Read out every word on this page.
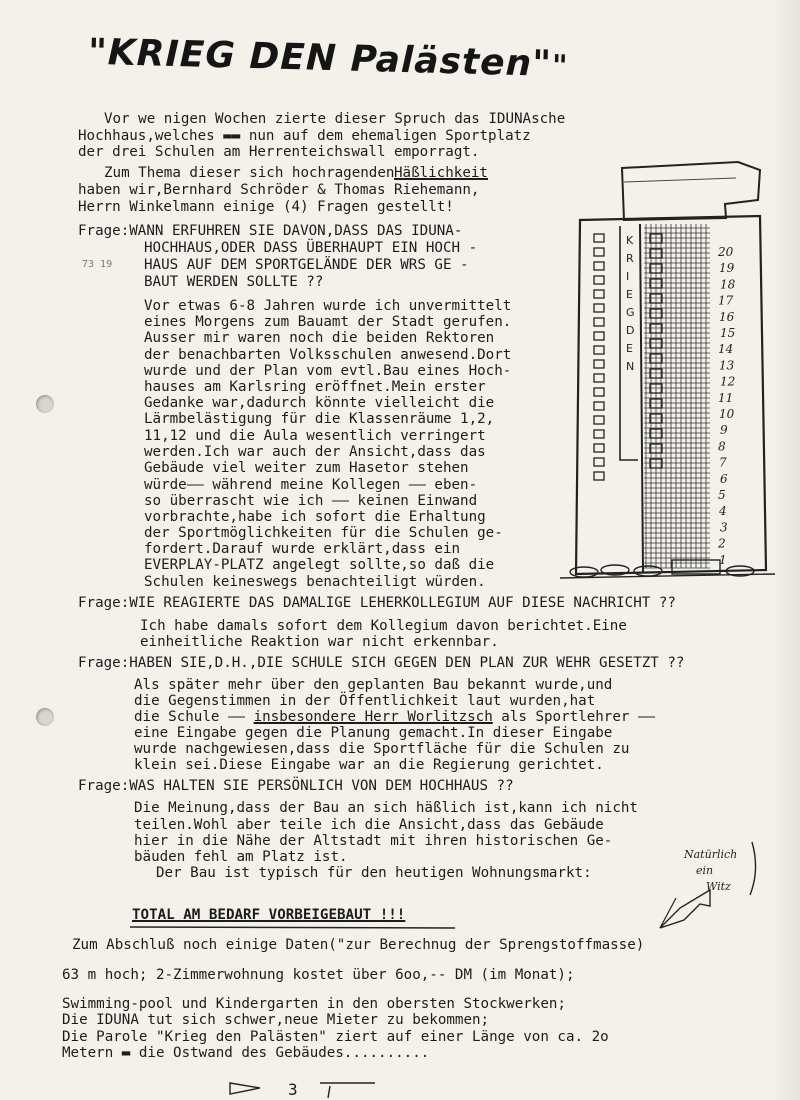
"KRIEG DEN Palästen""
Vor we nigen Wochen zierte dieser Spruch das IDUNAsche
Hochhaus,welches ▬▬ nun auf dem ehemaligen Sportplatz
der drei Schulen am Herrenteichswall emporragt.
Zum Thema dieser sich hochragenden
haben wir,Bernhard Schröder & Thomas Riehemann,
Herrn Winkelmann einige (4) Fragen gestellt!
Häßlichkeit
73 19
Frage:WANN ERFUHREN SIE DAVON,DASS DAS IDUNA-
HOCHHAUS,ODER DASS ÜBERHAUPT EIN HOCH -
HAUS AUF DEM SPORTGELÄNDE DER WRS GE -
BAUT WERDEN SOLLTE ??
Vor etwas 6-8 Jahren wurde ich unvermittelt
eines Morgens zum Bauamt der Stadt gerufen.
Ausser mir waren noch die beiden Rektoren
der benachbarten Volksschulen anwesend.Dort
wurde und der Plan vom evtl.Bau eines Hoch-
hauses am Karlsring eröffnet.Mein erster
Gedanke war,dadurch könnte vielleicht die
Lärmbelästigung für die Klassenräume 1,2,
11,12 und die Aula wesentlich verringert
werden.Ich war auch der Ansicht,dass das
Gebäude viel weiter zum Hasetor stehen
würde—— während meine Kollegen —— eben-
so überrascht wie ich —— keinen Einwand
vorbrachte,habe ich sofort die Erhaltung
der Sportmöglichkeiten für die Schulen ge-
fordert.Darauf wurde erklärt,dass ein
EVERPLAY-PLATZ angelegt sollte,so daß die
Schulen keineswegs benachteiligt würden.
Frage:WIE REAGIERTE DAS DAMALIGE LEHERKOLLEGIUM AUF DIESE NACHRICHT ??
Ich habe damals sofort dem Kollegium davon berichtet.Eine
einheitliche Reaktion war nicht erkennbar.
Frage:HABEN SIE,D.H.,DIE SCHULE SICH GEGEN DEN PLAN ZUR WEHR GESETZT ??
Als später mehr über den geplanten Bau bekannt wurde,und
die Gegenstimmen in der Öffentlichkeit laut wurden,hat
eine Eingabe gegen die Planung gemacht.In dieser Eingabe
wurde nachgewiesen,dass die Sportfläche für die Schulen zu
klein sei.Diese Eingabe war an die Regierung gerichtet.
die Schule —— insbesondere Herr Worlitzsch als Sportlehrer ——
Frage:WAS HALTEN SIE PERSÖNLICH VON DEM HOCHHAUS ??
Die Meinung,dass der Bau an sich häßlich ist,kann ich nicht
teilen.Wohl aber teile ich die Ansicht,dass das Gebäude
hier in die Nähe der Altstadt mit ihren historischen Ge-
bäuden fehl am Platz ist.
Der Bau ist typisch für den heutigen Wohnungsmarkt:
TOTAL AM BEDARF VORBEIGEBAUT !!!
Zum Abschluß noch einige Daten("zur Berechnug der Sprengstoffmasse)
63 m hoch; 2-Zimmerwohnung kostet über 6oo,-- DM (im Monat);
Swimming-pool und Kindergarten in den obersten Stockwerken;
Die IDUNA tut sich schwer,neue Mieter zu bekommen;
Die Parole "Krieg den Palästen" ziert auf einer Länge von ca. 2o
Metern ▬ die Ostwand des Gebäudes..........
Natürlich
ein
Witz
K
R
I
E
G
D
E
N
20
19
18
17
16
15
14
13
12
11
10
9
8
7
6
5
4
3
2
1
3
